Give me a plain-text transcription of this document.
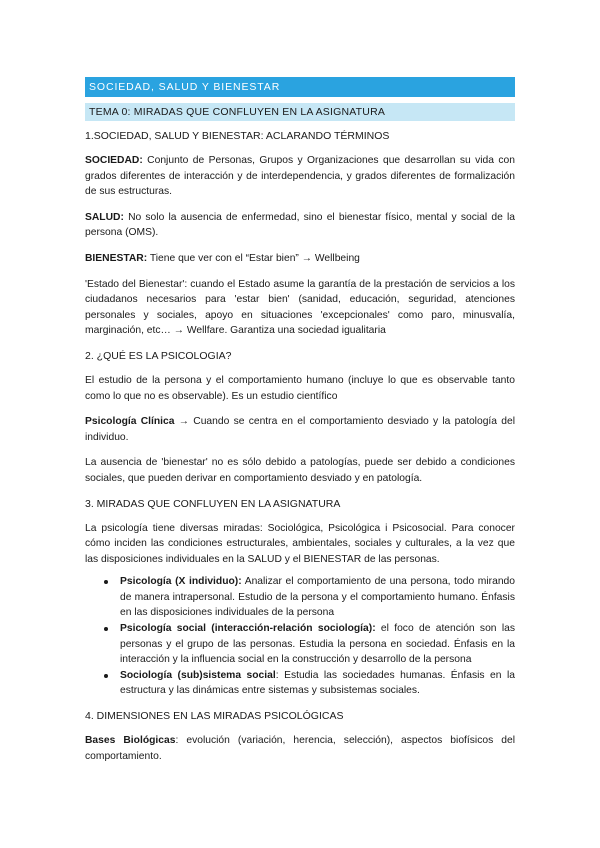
SOCIEDAD, SALUD Y BIENESTAR
TEMA 0: MIRADAS QUE CONFLUYEN EN LA ASIGNATURA
1.SOCIEDAD, SALUD Y BIENESTAR: ACLARANDO TÉRMINOS

SOCIEDAD: Conjunto de Personas, Grupos y Organizaciones que desarrollan su vida con grados diferentes de interacción y de interdependencia, y grados diferentes de formalización de sus estructuras.

SALUD: No solo la ausencia de enfermedad, sino el bienestar físico, mental y social de la persona (OMS).

BIENESTAR: Tiene que ver con el “Estar bien” → Wellbeing

'Estado del Bienestar': cuando el Estado asume la garantía de la prestación de servicios a los ciudadanos necesarios para 'estar bien' (sanidad, educación, seguridad, atenciones personales y sociales, apoyo en situaciones 'excepcionales' como paro, minusvalía, marginación, etc… → Wellfare. Garantiza una sociedad igualitaria

2. ¿QUÉ ES LA PSICOLOGIA?

El estudio de la persona y el comportamiento humano (incluye lo que es observable tanto como lo que no es observable). Es un estudio científico

Psicología Clínica → Cuando se centra en el comportamiento desviado y la patología del individuo.

La ausencia de 'bienestar' no es sólo debido a patologías, puede ser debido a condiciones sociales, que pueden derivar en comportamiento desviado y en patología.

3. MIRADAS QUE CONFLUYEN EN LA ASIGNATURA

La psicología tiene diversas miradas: Sociológica, Psicológica i Psicosocial. Para conocer cómo inciden las condiciones estructurales, ambientales, sociales y culturales, a la vez que las disposiciones individuales en la SALUD y el BIENESTAR de las personas.

Psicología (X individuo): Analizar el comportamiento de una persona, todo mirando de manera intrapersonal. Estudio de la persona y el comportamiento humano. Énfasis en las disposiciones individuales de la persona
Psicología social (interacción-relación sociología): el foco de atención son las personas y el grupo de las personas. Estudia la persona en sociedad. Énfasis en la interacción y la influencia social en la construcción y desarrollo de la persona
Sociología (sub)sistema social: Estudia las sociedades humanas. Énfasis en la estructura y las dinámicas entre sistemas y subsistemas sociales.
4. DIMENSIONES EN LAS MIRADAS PSICOLÓGICAS

Bases Biológicas: evolución (variación, herencia, selección), aspectos biofísicos del comportamiento.
